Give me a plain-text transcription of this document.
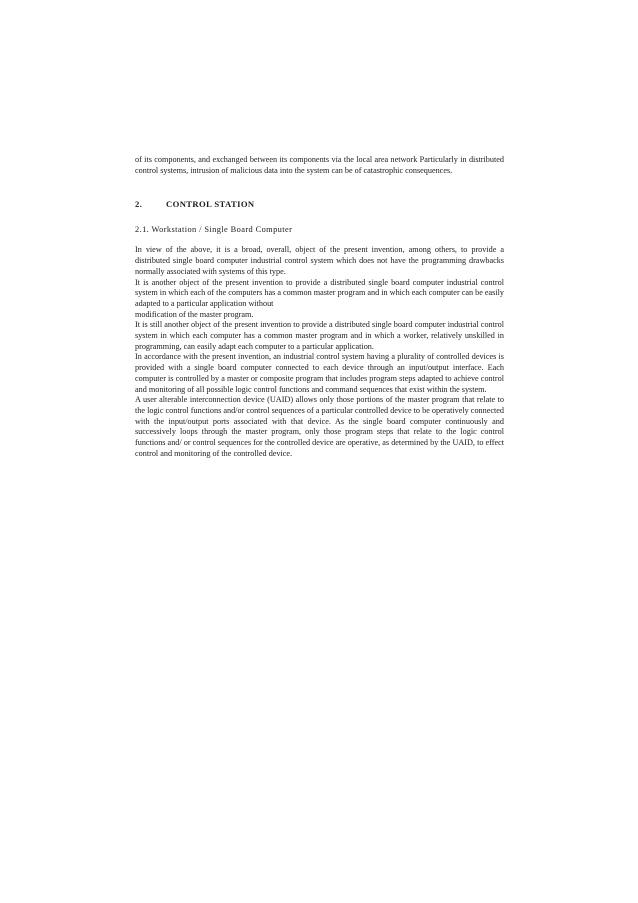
of its components, and exchanged between its components via the local area network Particularly in distributed control systems, intrusion of malicious data into the system can be of catastrophic consequences.

2.	CONTROL STATION
2.1. Workstation / Single Board Computer

In view of the above, it is a broad, overall, object of the present invention, among others, to provide a distributed single board computer industrial control system which does not have the programming drawbacks normally associated with systems of this type.

It is another object of the present invention to provide a distributed single board computer industrial control system in which each of the computers has a common master program and in which each computer can be easily adapted to a particular application without

modification of the master program.

It is still another object of the present invention to provide a distributed single board computer industrial control system in which each computer has a common master program and in which a worker, relatively unskilled in programming, can easily adapt each computer to a particular application.

In accordance with the present invention, an industrial control system having a plurality of controlled devices is provided with a single board computer connected to each device through an input/output interface. Each computer is controlled by a master or composite program that includes program steps adapted to achieve control and monitoring of all possible logic control functions and command sequences that exist within the system.

A user alterable interconnection device (UAID) allows only those portions of the master program that relate to the logic control functions and/or control sequences of a particular controlled device to be operatively connected with the input/output ports associated with that device. As the single board computer continuously and successively loops through the master program, only those program steps that relate to the logic control functions and/ or control sequences for the controlled device are operative, as determined by the UAID, to effect control and monitoring of the controlled device.
